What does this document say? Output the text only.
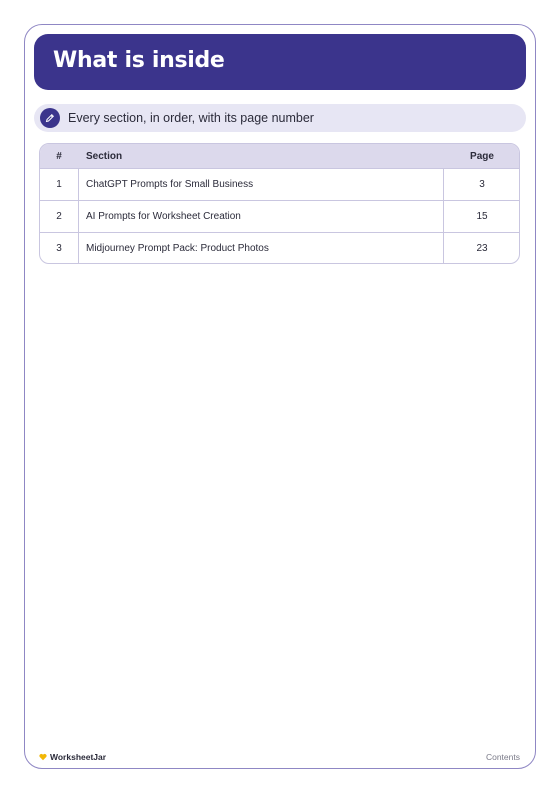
What is inside
Every section, in order, with its page number
#	Section	Page
1	ChatGPT Prompts for Small Business	3
2	AI Prompts for Worksheet Creation	15
3	Midjourney Prompt Pack: Product Photos	23
WorksheetJar	Contents
